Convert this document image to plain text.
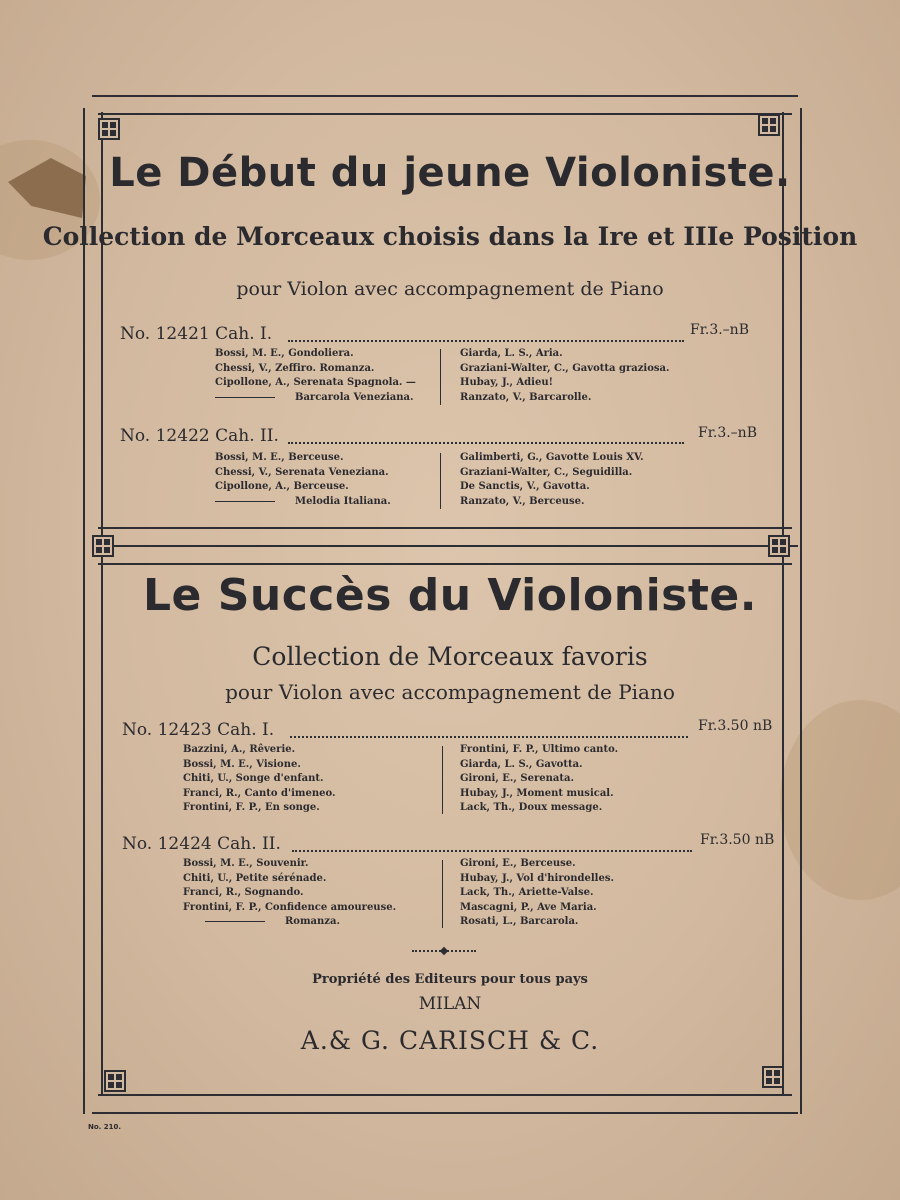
Le Début du jeune Violoniste.
Collection de Morceaux choisis dans la Ire et IIIe Position
pour Violon avec accompagnement de Piano
No. 12421 Cah. I.	Fr.3.–nB
Bossi, M. E., Gondoliera.
Chessi, V., Zeffiro. Romanza.
Cipollone, A., Serenata Spagnola. —
Barcarola Veneziana.
Giarda, L. S., Aria.
Graziani-Walter, C., Gavotta graziosa.
Hubay, J., Adieu!
Ranzato, V., Barcarolle.
No. 12422 Cah. II.	Fr.3.–nB
Bossi, M. E., Berceuse.
Chessi, V., Serenata Veneziana.
Cipollone, A., Berceuse.
Melodia Italiana.
Galimberti, G., Gavotte Louis XV.
Graziani-Walter, C., Seguidilla.
De Sanctis, V., Gavotta.
Ranzato, V., Berceuse.
Le Succès du Violoniste.
Collection de Morceaux favoris
pour Violon avec accompagnement de Piano
No. 12423 Cah. I.	Fr.3.50 nB
Bazzini, A., Rêverie.
Bossi, M. E., Visione.
Chiti, U., Songe d'enfant.
Franci, R., Canto d'imeneo.
Frontini, F. P., En songe.
Frontini, F. P., Ultimo canto.
Giarda, L. S., Gavotta.
Gironi, E., Serenata.
Hubay, J., Moment musical.
Lack, Th., Doux message.
No. 12424 Cah. II.	Fr.3.50 nB
Bossi, M. E., Souvenir.
Chiti, U., Petite sérénade.
Franci, R., Sognando.
Frontini, F. P., Confidence amoureuse.
Romanza.
Gironi, E., Berceuse.
Hubay, J., Vol d'hirondelles.
Lack, Th., Ariette-Valse.
Mascagni, P., Ave Maria.
Rosati, L., Barcarola.
Propriété des Editeurs pour tous pays
MILAN
A.& G. CARISCH & C.
No. 210.
